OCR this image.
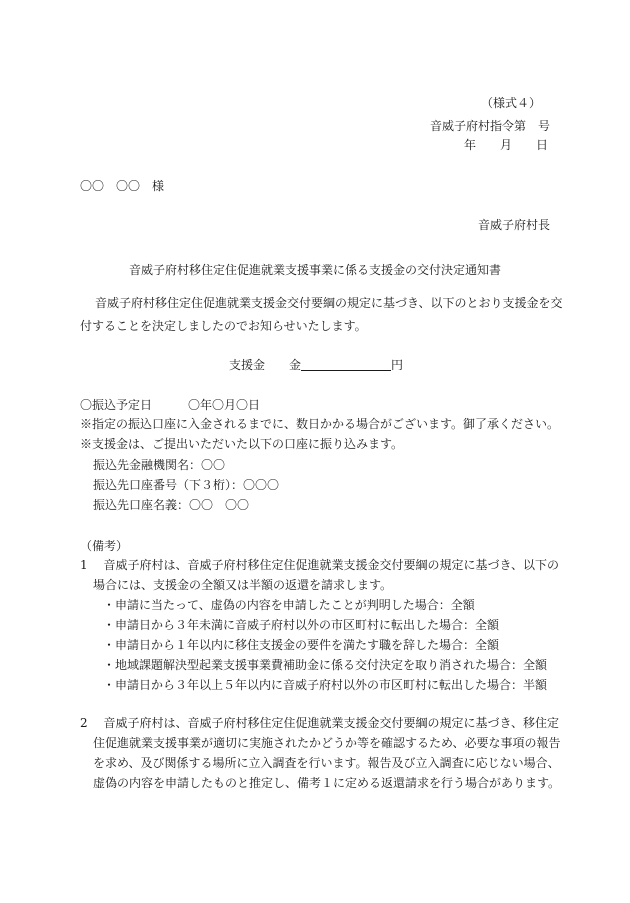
（様式４）
音威子府村指令第　号
年　　月　　日
〇〇　〇〇　様
音威子府村長
音威子府村移住定住促進就業支援事業に係る支援金の交付決定通知書
音威子府村移住定住促進就業支援金交付要綱の規定に基づき、以下のとおり支援金を交
付することを決定しましたのでお知らせいたします。
支援金　　金	円
〇振込予定日　　　〇年〇月〇日
※指定の振込口座に入金されるまでに、数日かかる場合がございます。御了承ください。
※支援金は、ご提出いただいた以下の口座に振り込みます。
振込先金融機関名：〇〇
振込先口座番号（下３桁）：〇〇〇
振込先口座名義：〇〇　〇〇
（備考）
1　 音威子府村は、音威子府村移住定住促進就業支援金交付要綱の規定に基づき、以下の
場合には、支援金の全額又は半額の返還を請求します。
・申請に当たって、虚偽の内容を申請したことが判明した場合：全額
・申請日から３年未満に音威子府村以外の市区町村に転出した場合：全額
・申請日から１年以内に移住支援金の要件を満たす職を辞した場合：全額
・地域課題解決型起業支援事業費補助金に係る交付決定を取り消された場合：全額
・申請日から３年以上５年以内に音威子府村以外の市区町村に転出した場合：半額
2　 音威子府村は、音威子府村移住定住促進就業支援金交付要綱の規定に基づき、移住定
住促進就業支援事業が適切に実施されたかどうか等を確認するため、必要な事項の報告
を求め、及び関係する場所に立入調査を行います。報告及び立入調査に応じない場合、
虚偽の内容を申請したものと推定し、備考１に定める返還請求を行う場合があります。
